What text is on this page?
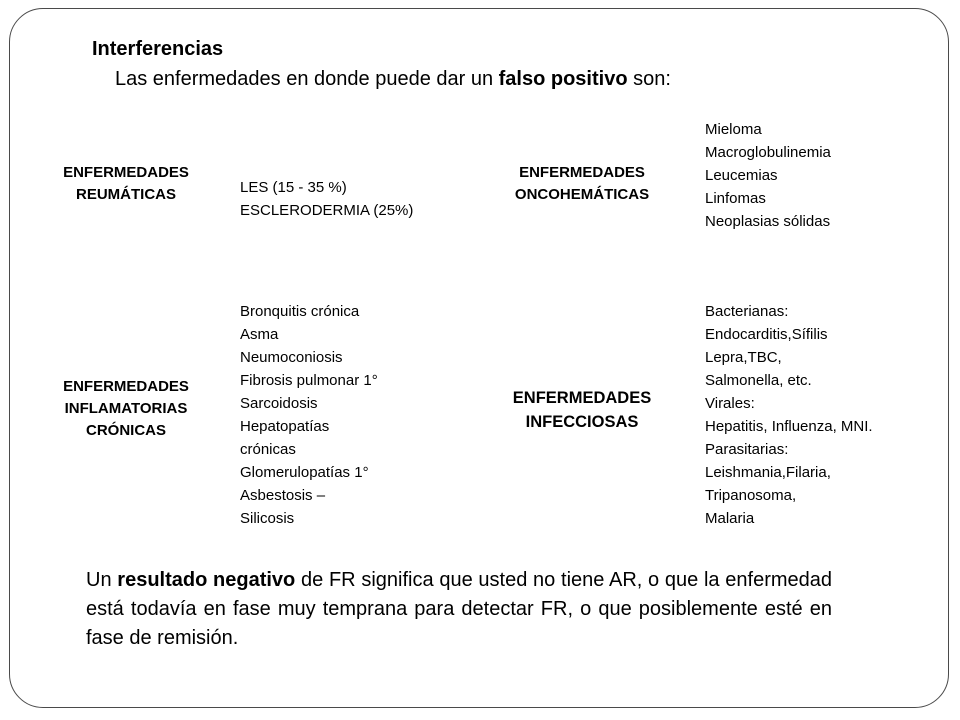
Interferencias
Las enfermedades en donde puede dar un falso positivo son:
ENFERMEDADES
REUMÁTICAS	LES (15 - 35 %)
ESCLERODERMIA (25%)
ENFERMEDADES
ONCOHEMÁTICAS
Mieloma
Macroglobulinemia
Leucemias
Linfomas
Neoplasias sólidas
ENFERMEDADES
INFLAMATORIAS
CRÓNICAS
Bronquitis crónica
Asma
Neumoconiosis
Fibrosis pulmonar 1°
Sarcoidosis
Hepatopatías
crónicas
Glomerulopatías 1°
Asbestosis –
Silicosis
ENFERMEDADES
INFECCIOSAS
Bacterianas:
Endocarditis,Sífilis
Lepra,TBC,
Salmonella, etc.
Virales:
Hepatitis, Influenza, MNI.
Parasitarias:
Leishmania,Filaria,
Tripanosoma,
Malaria
Un resultado negativo de FR significa que usted no tiene AR, o que la enfermedad está todavía en fase muy temprana para detectar FR, o que posiblemente esté en fase de remisión.
